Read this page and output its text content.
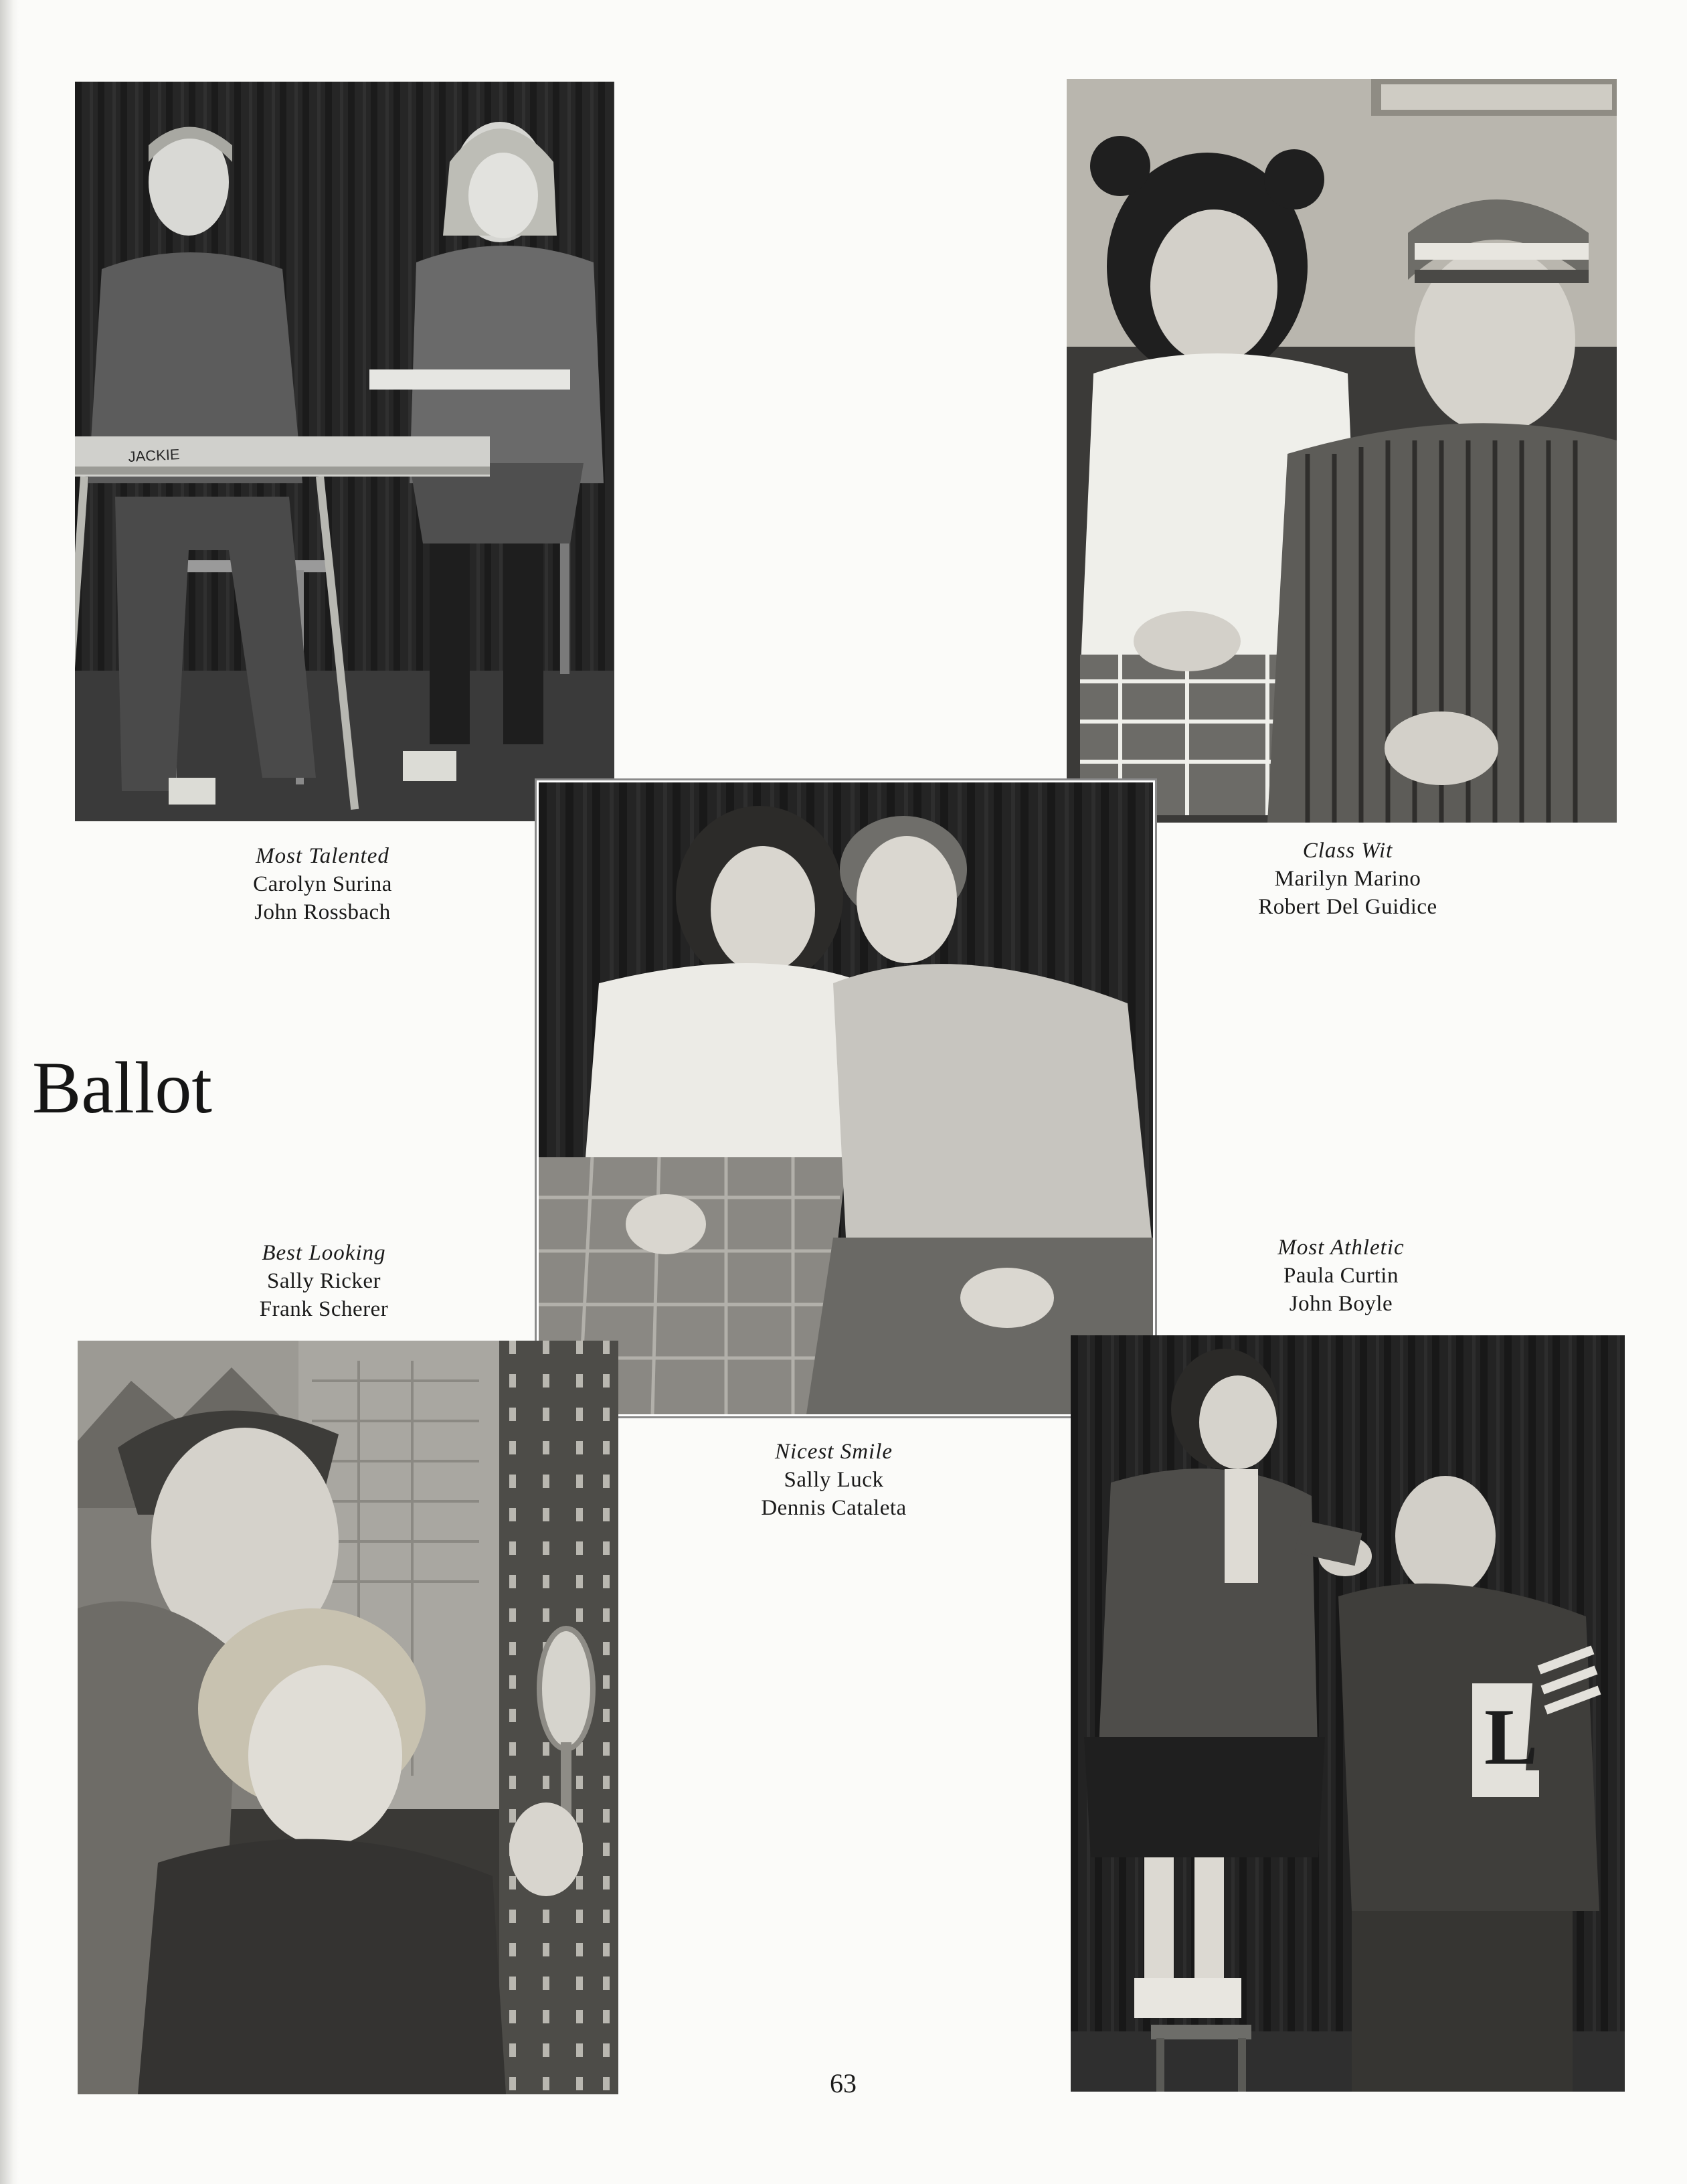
JACKIE
L
Most Talented
Carolyn Surina
John Rossbach
Class Wit
Marilyn Marino
Robert Del Guidice
Best Looking
Sally Ricker
Frank Scherer
Most Athletic
Paula Curtin
John Boyle
Nicest Smile
Sally Luck
Dennis Cataleta
Ballot
63
